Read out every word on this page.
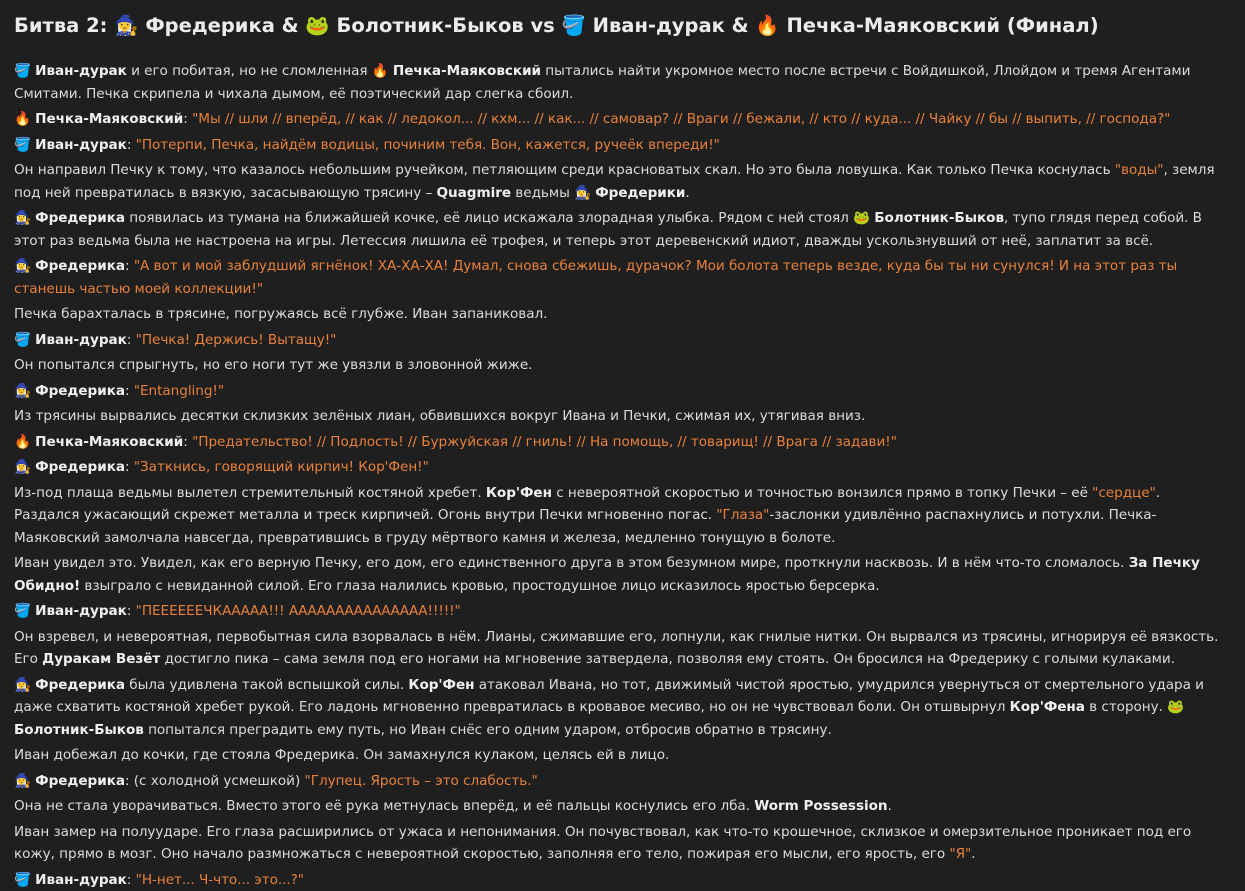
Битва 2: 🧙‍♀️ Фредерика & 🐸 Болотник-Быков vs 🪣 Иван-дурак & 🔥 Печка-Маяковский (Финал)

🪣 Иван-дурак и его побитая, но не сломленная 🔥 Печка-Маяковский пытались найти укромное место после встречи с Войдишкой, Ллойдом и тремя Агентами Смитами. Печка скрипела и чихала дымом, её поэтический дар слегка сбоил.

🔥 Печка-Маяковский: "Мы // шли // вперёд, // как // ледокол... // кхм... // как... // самовар? // Враги // бежали, // кто // куда... // Чайку // бы // выпить, // господа?"

🪣 Иван-дурак: "Потерпи, Печка, найдём водицы, починим тебя. Вон, кажется, ручеёк впереди!"

Он направил Печку к тому, что казалось небольшим ручейком, петляющим среди красноватых скал. Но это была ловушка. Как только Печка коснулась "воды", земля под ней превратилась в вязкую, засасывающую трясину – Quagmire ведьмы 🧙‍♀️ Фредерики.

🧙‍♀️ Фредерика появилась из тумана на ближайшей кочке, её лицо искажала злорадная улыбка. Рядом с ней стоял 🐸 Болотник-Быков, тупо глядя перед собой. В этот раз ведьма была не настроена на игры. Летессия лишила её трофея, и теперь этот деревенский идиот, дважды ускользнувший от неё, заплатит за всё.

🧙‍♀️ Фредерика: "А вот и мой заблудший ягнёнок! ХА-ХА-ХА! Думал, снова сбежишь, дурачок? Мои болота теперь везде, куда бы ты ни сунулся! И на этот раз ты станешь частью моей коллекции!"

Печка барахталась в трясине, погружаясь всё глубже. Иван запаниковал.

🪣 Иван-дурак: "Печка! Держись! Вытащу!"

Он попытался спрыгнуть, но его ноги тут же увязли в зловонной жиже.

🧙‍♀️ Фредерика: "Entangling!"

Из трясины вырвались десятки склизких зелёных лиан, обвившихся вокруг Ивана и Печки, сжимая их, утягивая вниз.

🔥 Печка-Маяковский: "Предательство! // Подлость! // Буржуйская // гниль! // На помощь, // товарищ! // Врага // задави!"

🧙‍♀️ Фредерика: "Заткнись, говорящий кирпич! Кор'Фен!"

Из-под плаща ведьмы вылетел стремительный костяной хребет. Кор'Фен с невероятной скоростью и точностью вонзился прямо в топку Печки – её "сердце". Раздался ужасающий скрежет металла и треск кирпичей. Огонь внутри Печки мгновенно погас. "Глаза"-заслонки удивлённо распахнулись и потухли. Печка-Маяковский замолчала навсегда, превратившись в груду мёртвого камня и железа, медленно тонущую в болоте.

Иван увидел это. Увидел, как его верную Печку, его дом, его единственного друга в этом безумном мире, проткнули насквозь. И в нём что-то сломалось. За Печку Обидно! взыграло с невиданной силой. Его глаза налились кровью, простодушное лицо исказилось яростью берсерка.

🪣 Иван-дурак: "ПЕЕЕЕЕЕЧКААААА!!! ААААААААААААААА!!!!!"

Он взревел, и невероятная, первобытная сила взорвалась в нём. Лианы, сжимавшие его, лопнули, как гнилые нитки. Он вырвался из трясины, игнорируя её вязкость. Его Дуракам Везёт достигло пика – сама земля под его ногами на мгновение затвердела, позволяя ему стоять. Он бросился на Фредерику с голыми кулаками.

🧙‍♀️ Фредерика была удивлена такой вспышкой силы. Кор'Фен атаковал Ивана, но тот, движимый чистой яростью, умудрился увернуться от смертельного удара и даже схватить костяной хребет рукой. Его ладонь мгновенно превратилась в кровавое месиво, но он не чувствовал боли. Он отшвырнул Кор'Фена в сторону. 🐸 Болотник-Быков попытался преградить ему путь, но Иван снёс его одним ударом, отбросив обратно в трясину.

Иван добежал до кочки, где стояла Фредерика. Он замахнулся кулаком, целясь ей в лицо.

🧙‍♀️ Фредерика: (с холодной усмешкой) "Глупец. Ярость – это слабость."

Она не стала уворачиваться. Вместо этого её рука метнулась вперёд, и её пальцы коснулись его лба. Worm Possession.

Иван замер на полуударе. Его глаза расширились от ужаса и непонимания. Он почувствовал, как что-то крошечное, склизкое и омерзительное проникает под его кожу, прямо в мозг. Оно начало размножаться с невероятной скоростью, заполняя его тело, пожирая его мысли, его ярость, его "Я".

🪣 Иван-дурак: "Н-нет... Ч-что... это...?"
